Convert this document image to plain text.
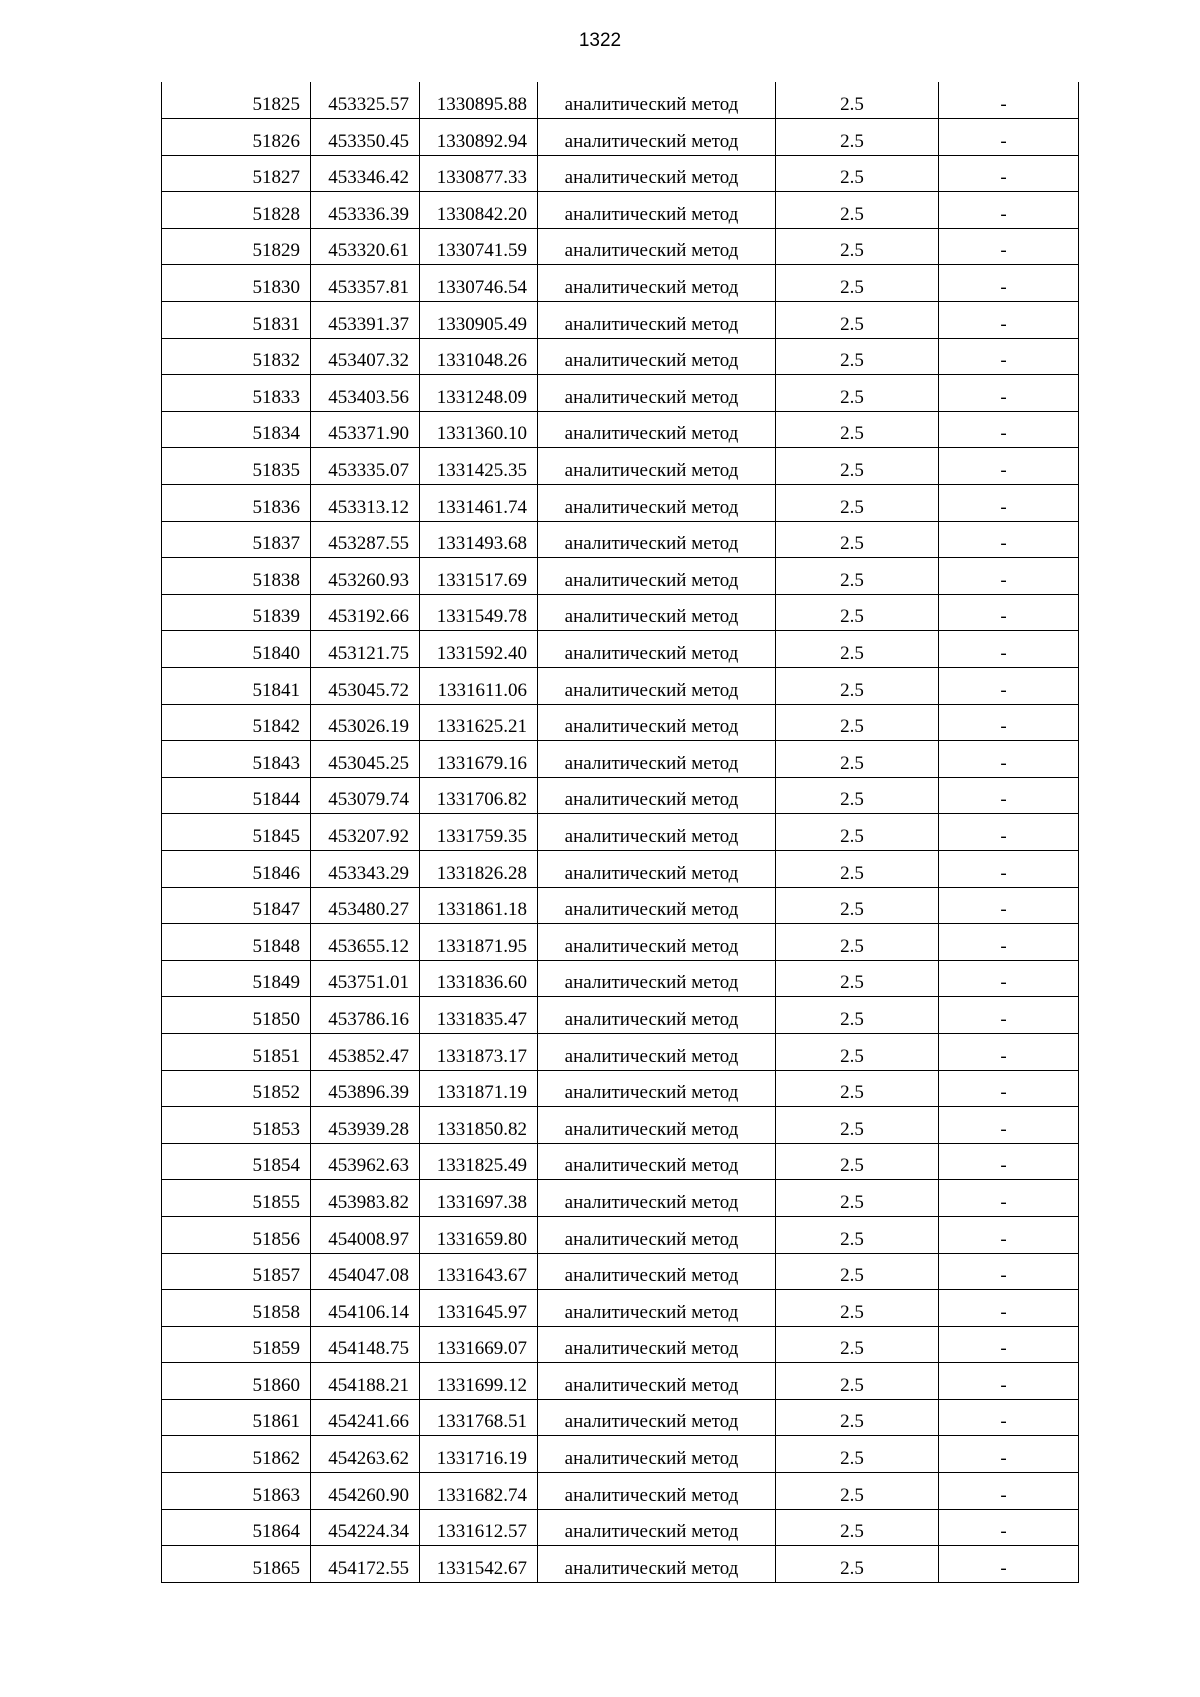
1322
51825	453325.57	1330895.88	аналитический метод	2.5	-
51826	453350.45	1330892.94	аналитический метод	2.5	-
51827	453346.42	1330877.33	аналитический метод	2.5	-
51828	453336.39	1330842.20	аналитический метод	2.5	-
51829	453320.61	1330741.59	аналитический метод	2.5	-
51830	453357.81	1330746.54	аналитический метод	2.5	-
51831	453391.37	1330905.49	аналитический метод	2.5	-
51832	453407.32	1331048.26	аналитический метод	2.5	-
51833	453403.56	1331248.09	аналитический метод	2.5	-
51834	453371.90	1331360.10	аналитический метод	2.5	-
51835	453335.07	1331425.35	аналитический метод	2.5	-
51836	453313.12	1331461.74	аналитический метод	2.5	-
51837	453287.55	1331493.68	аналитический метод	2.5	-
51838	453260.93	1331517.69	аналитический метод	2.5	-
51839	453192.66	1331549.78	аналитический метод	2.5	-
51840	453121.75	1331592.40	аналитический метод	2.5	-
51841	453045.72	1331611.06	аналитический метод	2.5	-
51842	453026.19	1331625.21	аналитический метод	2.5	-
51843	453045.25	1331679.16	аналитический метод	2.5	-
51844	453079.74	1331706.82	аналитический метод	2.5	-
51845	453207.92	1331759.35	аналитический метод	2.5	-
51846	453343.29	1331826.28	аналитический метод	2.5	-
51847	453480.27	1331861.18	аналитический метод	2.5	-
51848	453655.12	1331871.95	аналитический метод	2.5	-
51849	453751.01	1331836.60	аналитический метод	2.5	-
51850	453786.16	1331835.47	аналитический метод	2.5	-
51851	453852.47	1331873.17	аналитический метод	2.5	-
51852	453896.39	1331871.19	аналитический метод	2.5	-
51853	453939.28	1331850.82	аналитический метод	2.5	-
51854	453962.63	1331825.49	аналитический метод	2.5	-
51855	453983.82	1331697.38	аналитический метод	2.5	-
51856	454008.97	1331659.80	аналитический метод	2.5	-
51857	454047.08	1331643.67	аналитический метод	2.5	-
51858	454106.14	1331645.97	аналитический метод	2.5	-
51859	454148.75	1331669.07	аналитический метод	2.5	-
51860	454188.21	1331699.12	аналитический метод	2.5	-
51861	454241.66	1331768.51	аналитический метод	2.5	-
51862	454263.62	1331716.19	аналитический метод	2.5	-
51863	454260.90	1331682.74	аналитический метод	2.5	-
51864	454224.34	1331612.57	аналитический метод	2.5	-
51865	454172.55	1331542.67	аналитический метод	2.5	-
